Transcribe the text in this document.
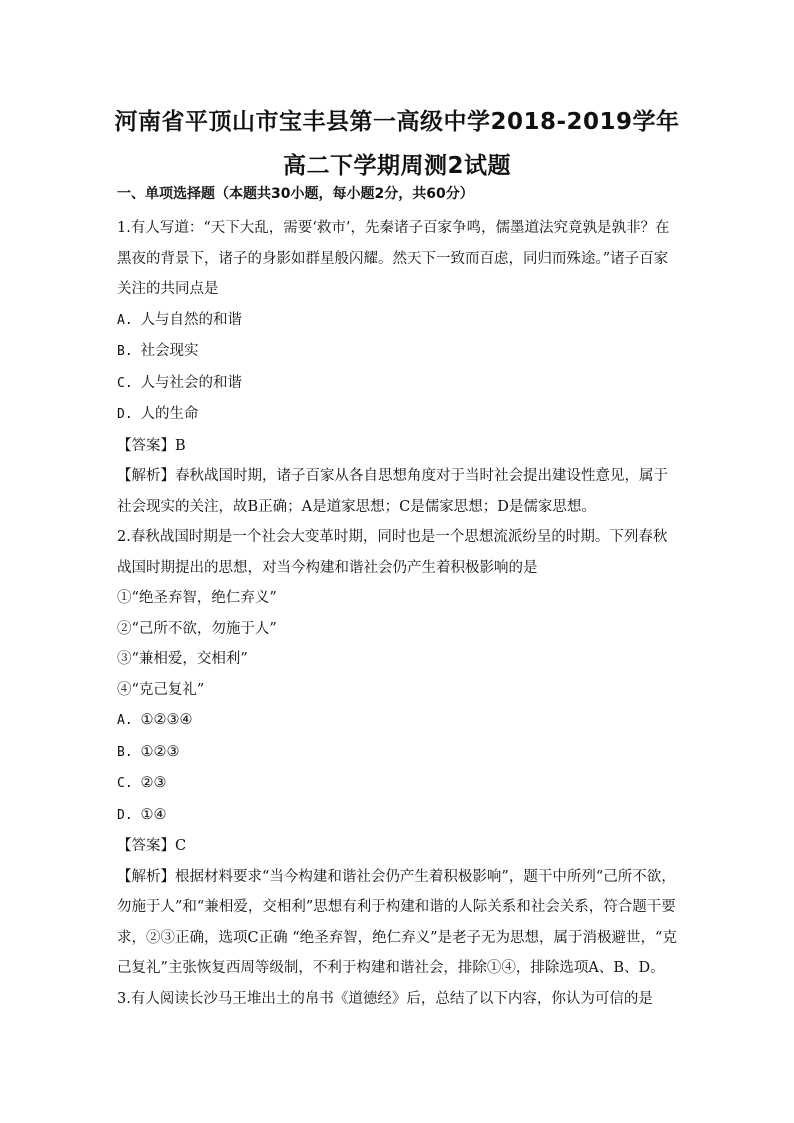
河南省平顶山市宝丰县第一高级中学2018-2019学年
高二下学期周测2试题
一、单项选择题（本题共30小题，每小题2分，共60分）

1.有人写道：“天下大乱，需要‘救市’，先秦诸子百家争鸣，儒墨道法究竟孰是孰非？在黑夜的背景下，诸子的身影如群星般闪耀。然天下一致而百虑，同归而殊途。”诸子百家关注的共同点是

A. 人与自然的和谐

B. 社会现实

C. 人与社会的和谐

D. 人的生命

【答案】B

【解析】春秋战国时期，诸子百家从各自思想角度对于当时社会提出建设性意见，属于社会现实的关注，故B正确；A是道家思想；C是儒家思想；D是儒家思想。

2.春秋战国时期是一个社会大变革时期，同时也是一个思想流派纷呈的时期。下列春秋战国时期提出的思想，对当今构建和谐社会仍产生着积极影响的是

①“绝圣弃智，绝仁弃义”

②“己所不欲，勿施于人”

③“兼相爱，交相利”

④“克己复礼”

A. ①②③④

B. ①②③

C. ②③

D. ①④

【答案】C

【解析】根据材料要求“当今构建和谐社会仍产生着积极影响”，题干中所列“己所不欲，勿施于人”和“兼相爱，交相利”思想有利于构建和谐的人际关系和社会关系，符合题干要求，②③正确，选项C正确 “绝圣弃智，绝仁弃义”是老子无为思想，属于消极避世，“克己复礼”主张恢复西周等级制，不利于构建和谐社会，排除①④，排除选项A、B、D。

3.有人阅读长沙马王堆出土的帛书《道德经》后，总结了以下内容，你认为可信的是
